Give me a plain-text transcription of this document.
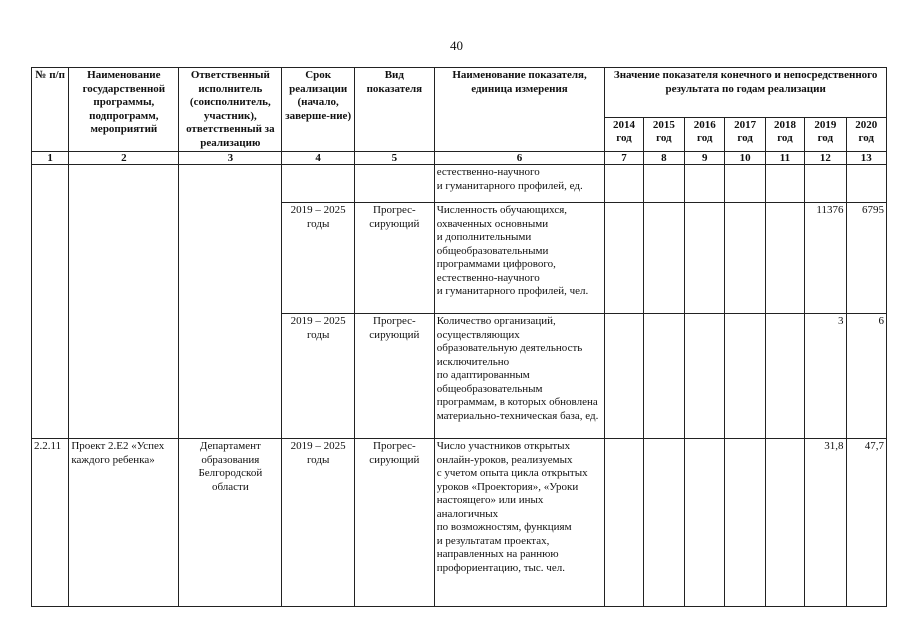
40
№ п/п	Наименование государственной программы, подпрограмм, мероприятий	Ответственный исполнитель (соисполнитель, участник), ответственный за реализацию	Срок реализации (начало, заверше-ние)	Вид показателя	Наименование показателя, единица измерения	Значение показателя конечного и непосредственного результата по годам реализации						
						2014 год	2015 год	2016 год	2017 год	2018 год	2019 год	2020 год
1	2	3	4	5	6	7	8	9	10	11	12	13
					естественно-научного
и гуманитарного профилей, ед.							
			2019 – 2025 годы	Прогрес-сирующий	Численность обучающихся, охваченных основными
и дополнительными общеобразовательными программами цифрового, естественно-научного
и гуманитарного профилей, чел.						11376	6795
			2019 – 2025 годы	Прогрес-сирующий	Количество организаций, осуществляющих образовательную деятельность исключительно
по адаптированным общеобразовательным программам, в которых обновлена материально-техническая база, ед.						3	6
2.2.11	Проект 2.Е2 «Успех каждого ребенка»	Департамент образования Белгородской области	2019 – 2025 годы	Прогрес-сирующий	Число участников открытых онлайн-уроков, реализуемых
с учетом опыта цикла открытых уроков «Проектория», «Уроки настоящего» или иных аналогичных
по возможностям, функциям
и результатам проектах, направленных на раннюю профориентацию, тыс. чел.						31,8	47,7
